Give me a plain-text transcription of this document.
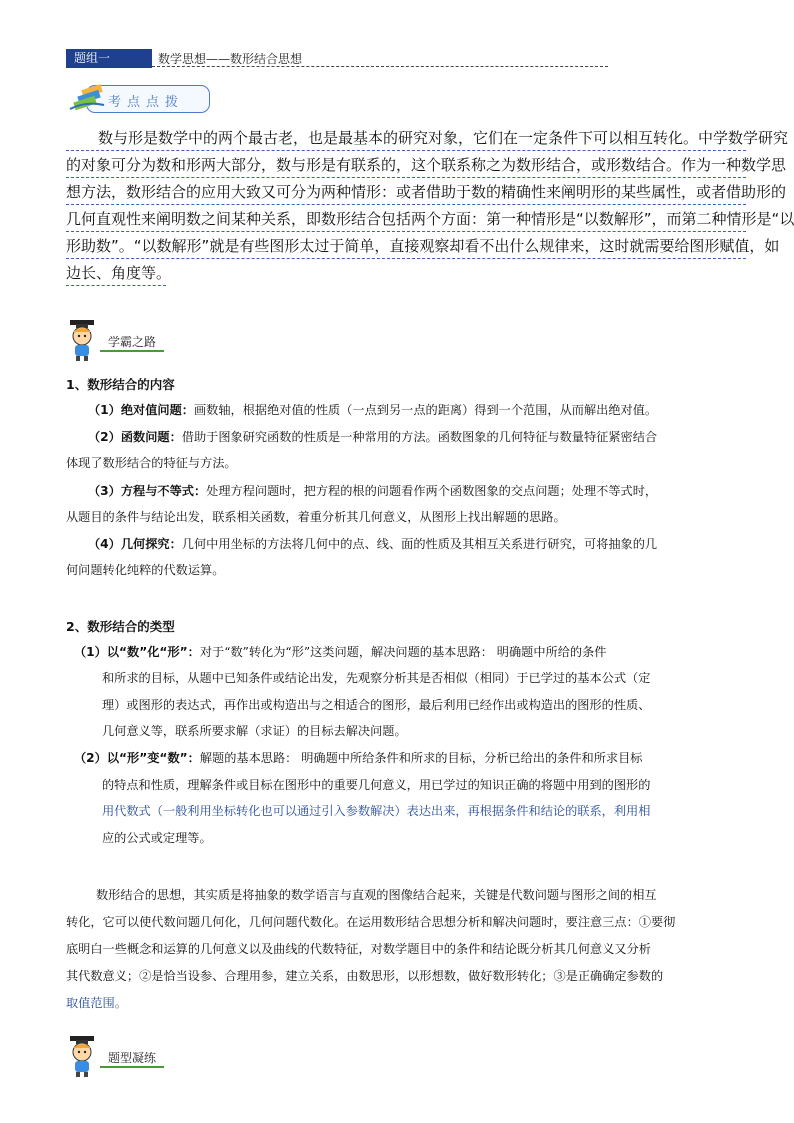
题组一	数学思想——数形结合思想
考点点拨
数与形是数学中的两个最古老，也是最基本的研究对象，它们在一定条件下可以相互转化。中学数学研究
的对象可分为数和形两大部分，数与形是有联系的，这个联系称之为数形结合，或形数结合。作为一种数学思
想方法，数形结合的应用大致又可分为两种情形：或者借助于数的精确性来阐明形的某些属性，或者借助形的
几何直观性来阐明数之间某种关系，即数形结合包括两个方面：第一种情形是“以数解形”，而第二种情形是“以
形助数”。“以数解形”就是有些图形太过于简单，直接观察却看不出什么规律来，这时就需要给图形赋值，如
边长、角度等。
学霸之路
1、数形结合的内容
（1）绝对值问题：画数轴，根据绝对值的性质（一点到另一点的距离）得到一个范围，从而解出绝对值。
（2）函数问题：借助于图象研究函数的性质是一种常用的方法。函数图象的几何特征与数量特征紧密结合
体现了数形结合的特征与方法。
（3）方程与不等式：处理方程问题时，把方程的根的问题看作两个函数图象的交点问题；处理不等式时，
从题目的条件与结论出发，联系相关函数，着重分析其几何意义，从图形上找出解题的思路。
（4）几何探究：几何中用坐标的方法将几何中的点、线、面的性质及其相互关系进行研究，可将抽象的几
何问题转化纯粹的代数运算。
2、数形结合的类型
（1）以“数”化“形”：对于“数”转化为“形”这类问题，解决问题的基本思路： 明确题中所给的条件
和所求的目标，从题中已知条件或结论出发，先观察分析其是否相似（相同）于已学过的基本公式（定
理）或图形的表达式，再作出或构造出与之相适合的图形，最后利用已经作出或构造出的图形的性质、
几何意义等，联系所要求解（求证）的目标去解决问题。
（2）以“形”变“数”：解题的基本思路： 明确题中所给条件和所求的目标，分析已给出的条件和所求目标
的特点和性质，理解条件或目标在图形中的重要几何意义，用已学过的知识正确的将题中用到的图形的
用代数式（一般利用坐标转化也可以通过引入参数解决）表达出来，再根据条件和结论的联系，利用相
应的公式或定理等。
数形结合的思想，其实质是将抽象的数学语言与直观的图像结合起来，关键是代数问题与图形之间的相互
转化，它可以使代数问题几何化，几何问题代数化。在运用数形结合思想分析和解决问题时，要注意三点：①要彻
底明白一些概念和运算的几何意义以及曲线的代数特征，对数学题目中的条件和结论既分析其几何意义又分析
其代数意义；②是恰当设参、合理用参，建立关系，由数思形，以形想数，做好数形转化；③是正确确定参数的
取值范围。
题型凝练
